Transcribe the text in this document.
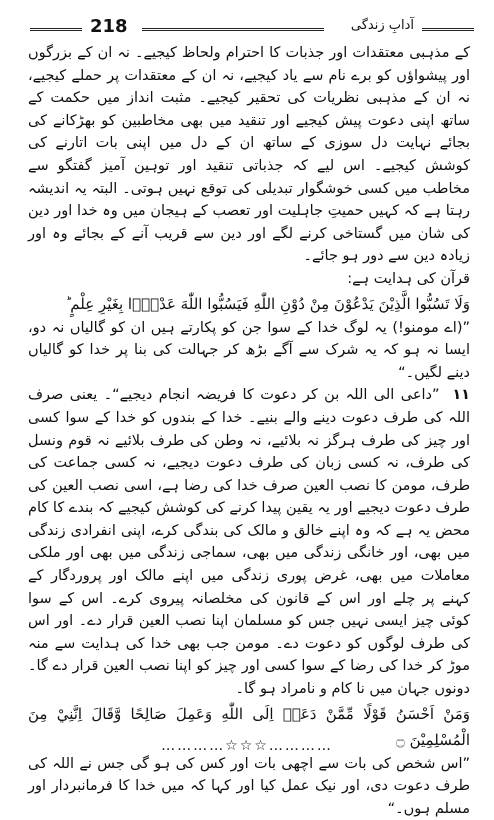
218	آدابِ زندگی

کے مذہبی معتقدات اور جذبات کا احترام ولحاظ کیجیے۔ نہ ان کے بزرگوں اور پیشواؤں کو برے نام سے یاد کیجیے، نہ ان کے معتقدات پر حملے کیجیے، نہ ان کے مذہبی نظریات کی تحقیر کیجیے۔ مثبت انداز میں حکمت کے ساتھ اپنی دعوت پیش کیجیے اور تنقید میں بھی مخاطبین کو بھڑکانے کی بجائے نہایت دل سوزی کے ساتھ ان کے دل میں اپنی بات اتارنے کی کوشش کیجیے۔ اس لیے کہ جذباتی تنقید اور توہین آمیز گفتگو سے مخاطب میں کسی خوشگوار تبدیلی کی توقع نہیں ہوتی۔ البتہ یہ اندیشہ رہتا ہے کہ کہیں حمیتِ جاہلیت اور تعصب کے ہیجان میں وہ خدا اور دین کی شان میں گستاخی کرنے لگے اور دین سے قریب آنے کے بجائے وہ اور زیادہ دین سے دور ہو جائے۔

قرآن کی ہدایت ہے:

وَلَا تَسُبُّوا الَّذِيْنَ يَدْعُوْنَ مِنْ دُوْنِ اللّٰهِ فَيَسُبُّوا اللّٰهَ عَدْوًۢا بِغَيْرِ عِلْمٍ ؕ

”(اے مومنو!) یہ لوگ خدا کے سوا جن کو پکارتے ہیں ان کو گالیاں نہ دو، ایسا نہ ہو کہ یہ شرک سے آگے بڑھ کر جہالت کی بنا پر خدا کو گالیاں دینے لگیں۔“

١١  ”داعی الی اللہ بن کر دعوت کا فریضہ انجام دیجیے“۔ یعنی صرف اللہ کی طرف دعوت دینے والے بنیے۔ خدا کے بندوں کو خدا کے سوا کسی اور چیز کی طرف ہرگز نہ بلائیے، نہ وطن کی طرف بلائیے نہ قوم ونسل کی طرف، نہ کسی زبان کی طرف دعوت دیجیے، نہ کسی جماعت کی طرف، مومن کا نصب العین صرف خدا کی رضا ہے، اسی نصب العین کی طرف دعوت دیجیے اور یہ یقین پیدا کرنے کی کوشش کیجیے کہ بندے کا کام محض یہ ہے کہ وہ اپنے خالق و مالک کی بندگی کرے، اپنی انفرادی زندگی میں بھی، اور خانگی زندگی میں بھی، سماجی زندگی میں بھی اور ملکی معاملات میں بھی، غرض پوری زندگی میں اپنے مالک اور پروردگار کے کہنے پر چلے اور اس کے قانون کی مخلصانہ پیروی کرے۔ اس کے سوا کوئی چیز ایسی نہیں جس کو مسلمان اپنا نصب العین قرار دے۔ اور اس کی طرف لوگوں کو دعوت دے۔ مومن جب بھی خدا کی ہدایت سے منہ موڑ کر خدا کی رضا کے سوا کسی اور چیز کو اپنا نصب العین قرار دے گا۔ دونوں جہان میں نا کام و نامراد ہو گا۔

وَمَنْ اَحْسَنُ قَوْلًا مِّمَّنْ دَعَاۤ اِلَى اللّٰهِ وَعَمِلَ صَالِحًا وَّقَالَ اِنَّنِيْ مِنَ الْمُسْلِمِيْنَ ۝

”اس شخص کی بات سے اچھی بات اور کس کی ہو گی جس نے اللہ کی طرف دعوت دی، اور نیک عمل کیا اور کہا کہ میں خدا کا فرمانبردار اور مسلم ہوں۔“

…………☆☆☆…………
